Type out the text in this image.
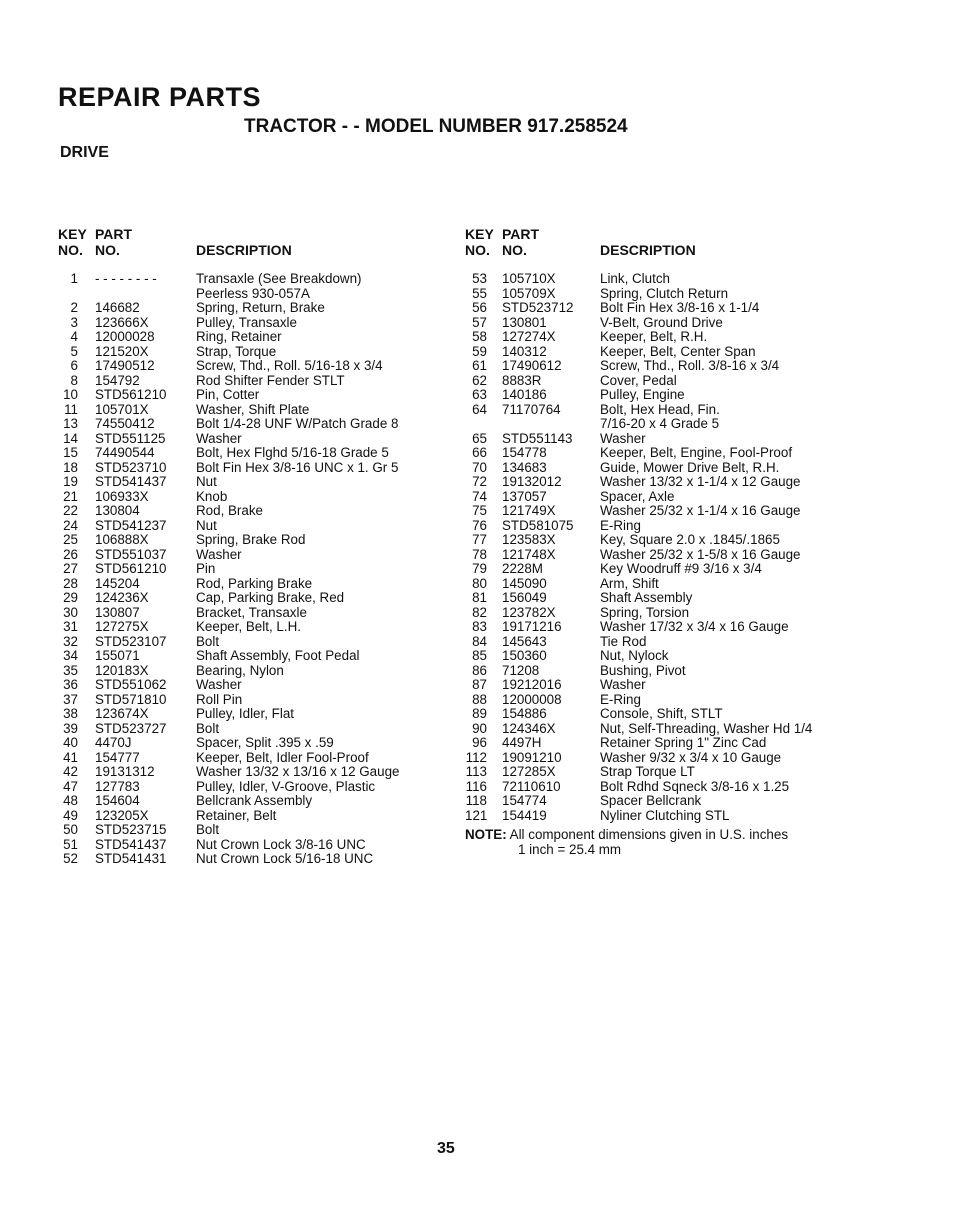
REPAIR PARTS
TRACTOR - - MODEL NUMBER 917.258524
DRIVE
KEY
NO.
PART
NO.	DESCRIPTION
1 - - - - - - - -	Transaxle (See Breakdown)
Peerless 930-057A
2 146682	Spring, Return, Brake
3 123666X	Pulley, Transaxle
4 12000028	Ring, Retainer
5 121520X	Strap, Torque
6 17490512	Screw, Thd., Roll. 5/16-18 x 3/4
8 154792	Rod Shifter Fender STLT
10 STD561210 Pin, Cotter
11 105701X	Washer, Shift Plate
13 74550412	Bolt 1/4-28 UNF W/Patch Grade 8
14 STD551125 Washer
15 74490544	Bolt, Hex Flghd 5/16-18 Grade 5
18 STD523710 Bolt Fin Hex 3/8-16 UNC x 1. Gr 5
19 STD541437 Nut
21 106933X	Knob
22 130804	Rod, Brake
24 STD541237 Nut
25 106888X	Spring, Brake Rod
26 STD551037 Washer
27 STD561210 Pin
28 145204	Rod, Parking Brake
29 124236X	Cap, Parking Brake, Red
30 130807	Bracket, Transaxle
31 127275X	Keeper, Belt, L.H.
32 STD523107 Bolt
34 155071	Shaft Assembly, Foot Pedal
35 120183X	Bearing, Nylon
36 STD551062 Washer
37 STD571810 Roll Pin
38 123674X	Pulley, Idler, Flat
39 STD523727 Bolt
40 4470J	Spacer, Split .395 x .59
41 154777	Keeper, Belt, Idler Fool-Proof
42 19131312	Washer 13/32 x 13/16 x 12 Gauge
47 127783	Pulley, Idler, V-Groove, Plastic
48 154604	Bellcrank Assembly
49 123205X	Retainer, Belt
50 STD523715 Bolt
51 STD541437 Nut Crown Lock 3/8-16 UNC
52 STD541431 Nut Crown Lock 5/16-18 UNC
KEY
NO.
PART
NO.	DESCRIPTION
53 105710X	Link, Clutch
55 105709X	Spring, Clutch Return
56 STD523712 Bolt Fin Hex 3/8-16 x 1-1/4
57 130801	V-Belt, Ground Drive
58 127274X	Keeper, Belt, R.H.
59 140312	Keeper, Belt, Center Span
61 17490612	Screw, Thd., Roll. 3/8-16 x 3/4
62 8883R	Cover, Pedal
63 140186	Pulley, Engine
64 71170764	Bolt, Hex Head, Fin.
7/16-20 x 4 Grade 5
65 STD551143 Washer
66 154778	Keeper, Belt, Engine, Fool-Proof
70 134683	Guide, Mower Drive Belt, R.H.
72 19132012	Washer 13/32 x 1-1/4 x 12 Gauge
74 137057	Spacer, Axle
75 121749X	Washer 25/32 x 1-1/4 x 16 Gauge
76 STD581075 E-Ring
77 123583X	Key, Square 2.0 x .1845/.1865
78 121748X	Washer 25/32 x 1-5/8 x 16 Gauge
79 2228M	Key Woodruff #9 3/16 x 3/4
80 145090	Arm, Shift
81 156049	Shaft Assembly
82 123782X	Spring, Torsion
83 19171216	Washer 17/32 x 3/4 x 16 Gauge
84 145643	Tie Rod
85 150360	Nut, Nylock
86 71208	Bushing, Pivot
87 19212016	Washer
88 12000008	E-Ring
89 154886	Console, Shift, STLT
90 124346X	Nut, Self-Threading, Washer Hd 1/4
96 4497H	Retainer Spring 1" Zinc Cad
112 19091210	Washer 9/32 x 3/4 x 10 Gauge
113 127285X	Strap Torque LT
116 72110610	Bolt Rdhd Sqneck 3/8-16 x 1.25
118 154774	Spacer Bellcrank
121 154419	Nyliner Clutching STL
NOTE: All component dimensions given in U.S. inches
1 inch = 25.4 mm
35
